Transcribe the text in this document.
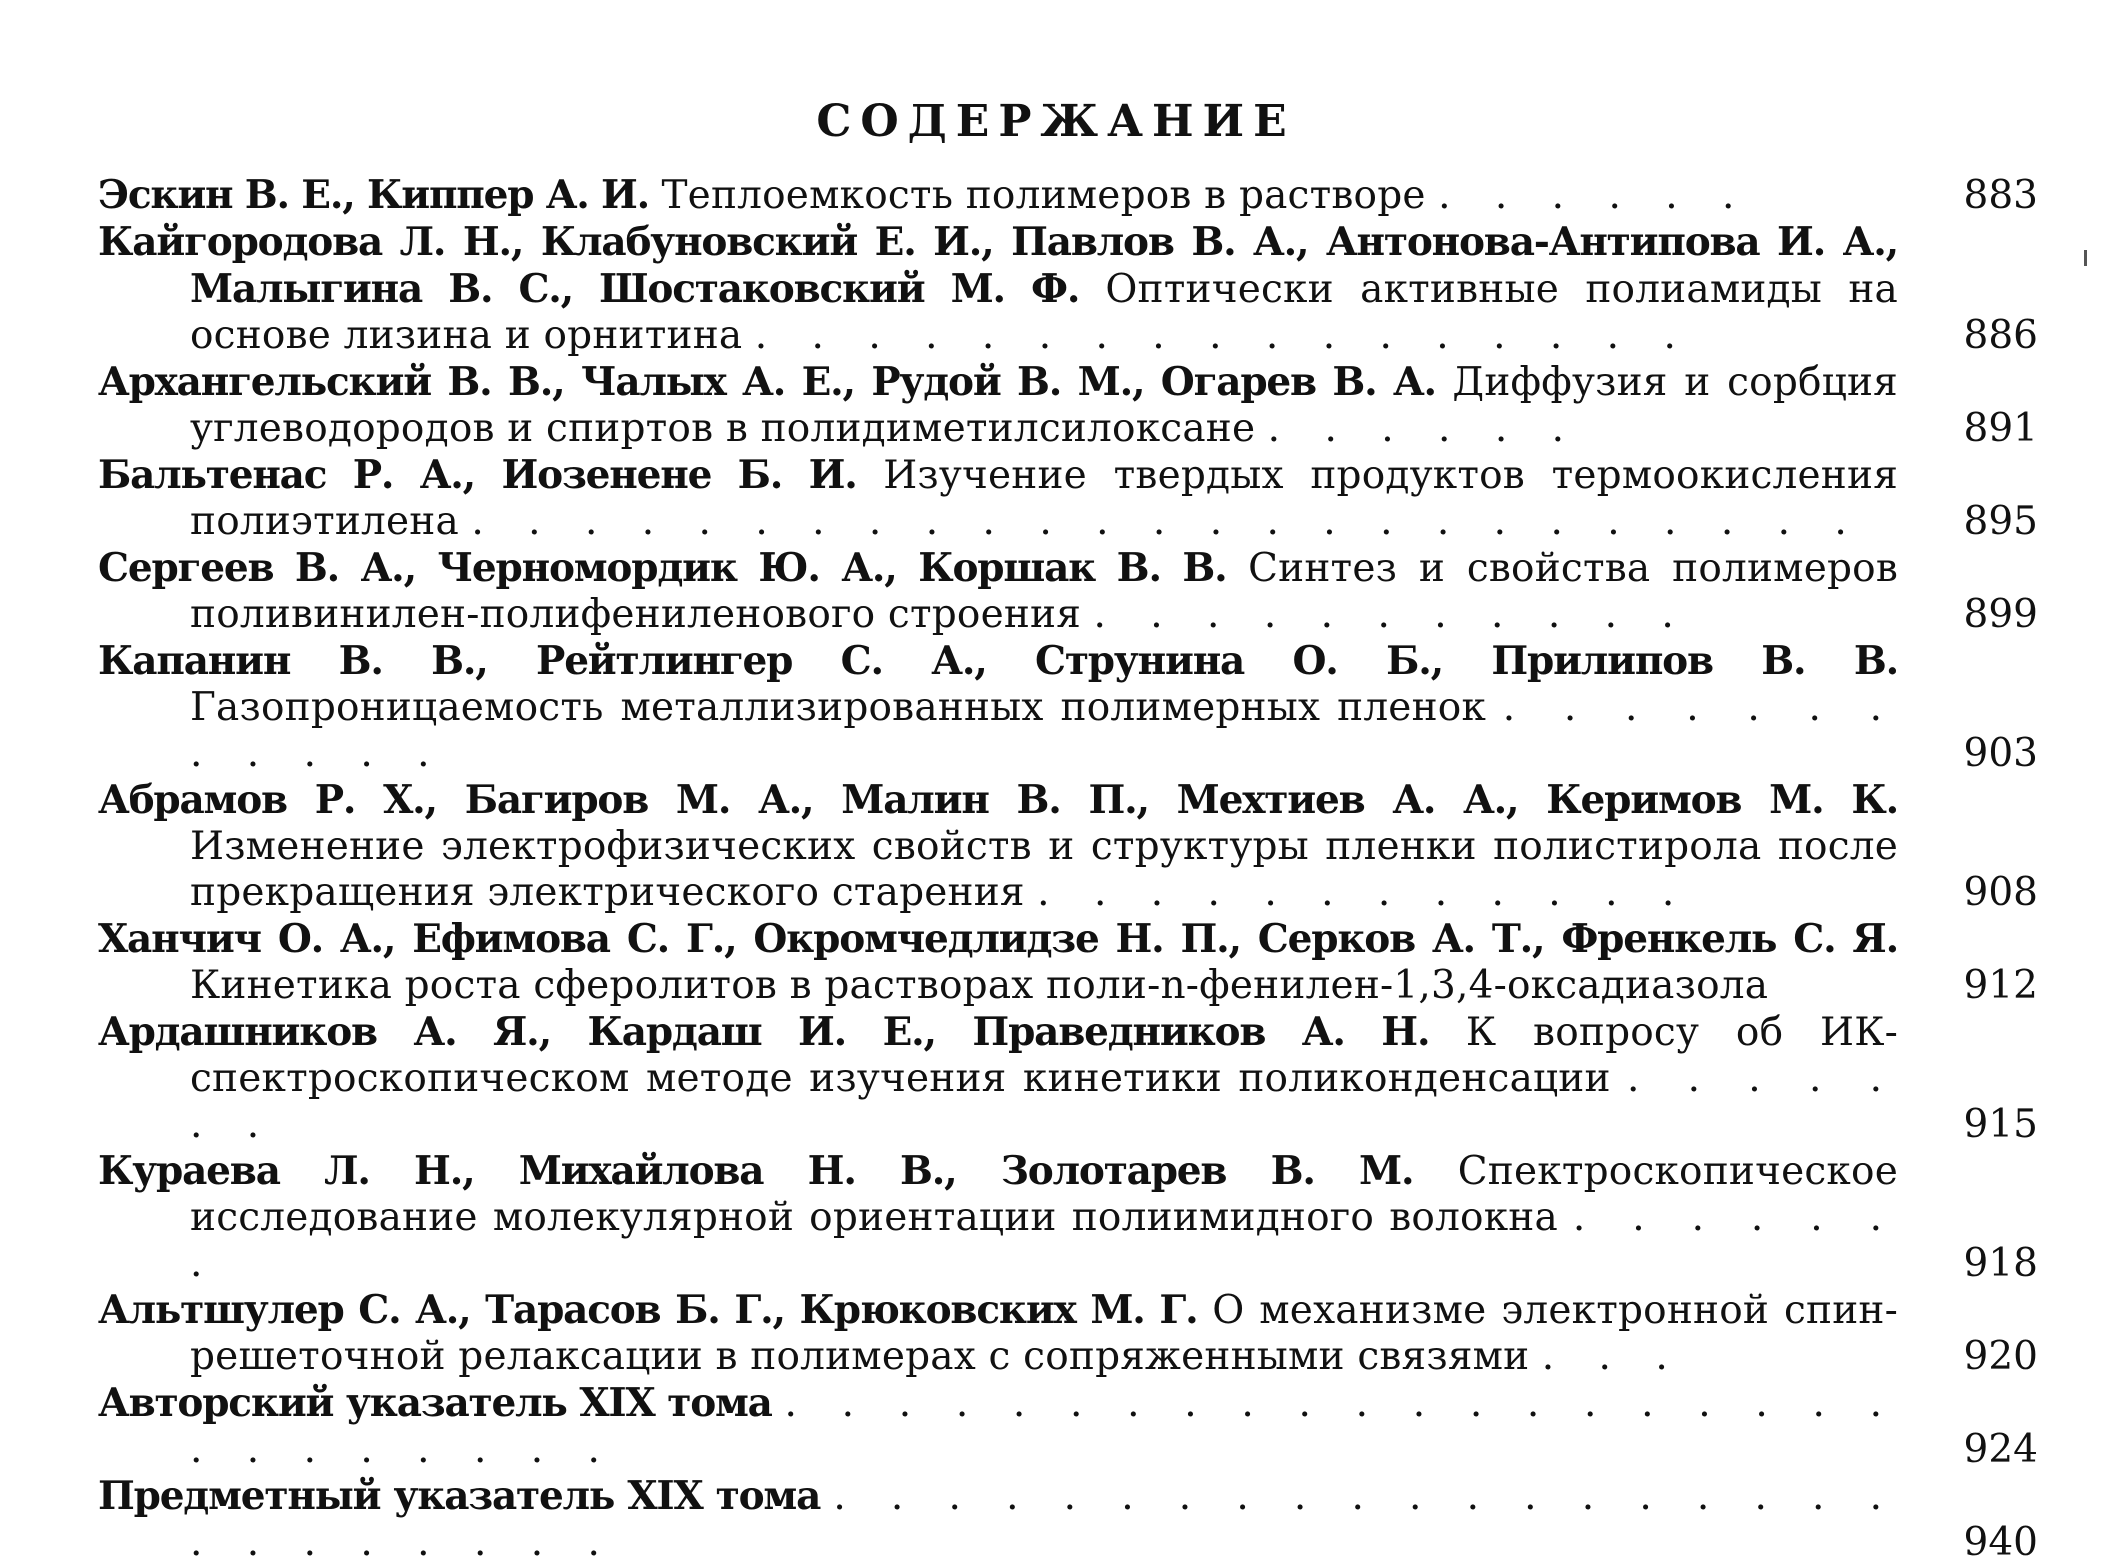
СОДЕРЖАНИЕ
Эскин В. Е., Киппер А. И. Теплоемкость полимеров в растворе . . . . . .	883
Кайгородова Л. Н., Клабуновский Е. И., Павлов В. А., Антонова-Антипова И. А., Малыгина В. С., Шостаковский М. Ф. Оптически активные полиамиды на основе лизина и орнитина . . . . . . . . . . . . . . . . .	886
Архангельский В. В., Чалых А. Е., Рудой В. М., Огарев В. А. Диффузия и сорбция углеводородов и спиртов в полидиметилсилоксане . . . . . .	891
Бальтенас Р. А., Иозенене Б. И. Изучение твердых продуктов термоокисления полиэтилена . . . . . . . . . . . . . . . . . . . . . . . . .	895
Сергеев В. А., Черномордик Ю. А., Коршак В. В. Синтез и свойства полимеров поливинилен-полифениленового строения . . . . . . . . . . .	899
Капанин В. В., Рейтлингер С. А., Струнина О. Б., Прилипов В. В. Газопроницаемость металлизированных полимерных пленок . . . . . . . . . . . .	903
Абрамов Р. Х., Багиров М. А., Малин В. П., Мехтиев А. А., Керимов М. К. Изменение электрофизических свойств и структуры пленки полистирола после прекращения электрического старения . . . . . . . . . . . .	908
Ханчич О. А., Ефимова С. Г., Окромчедлидзе Н. П., Серков А. Т., Френкель С. Я. Кинетика роста сферолитов в растворах поли-n-фенилен-1,3,4-оксадиазола	912
Ардашников А. Я., Кардаш И. Е., Праведников А. Н. К вопросу об ИК-спектроскопическом методе изучения кинетики поликонденсации . . . . . . .	915
Кураева Л. Н., Михайлова Н. В., Золотарев В. М. Спектроскопическое исследование молекулярной ориентации полиимидного волокна . . . . . . .	918
Альтшулер С. А., Тарасов Б. Г., Крюковских М. Г. О механизме электронной спин-решеточной релаксации в полимерах с сопряженными связями . . .	920
Авторский указатель XIX тома . . . . . . . . . . . . . . . . . . . . . . . . . . . .	924
Предметный указатель XIX тома . . . . . . . . . . . . . . . . . . . . . . . . . . .	940
